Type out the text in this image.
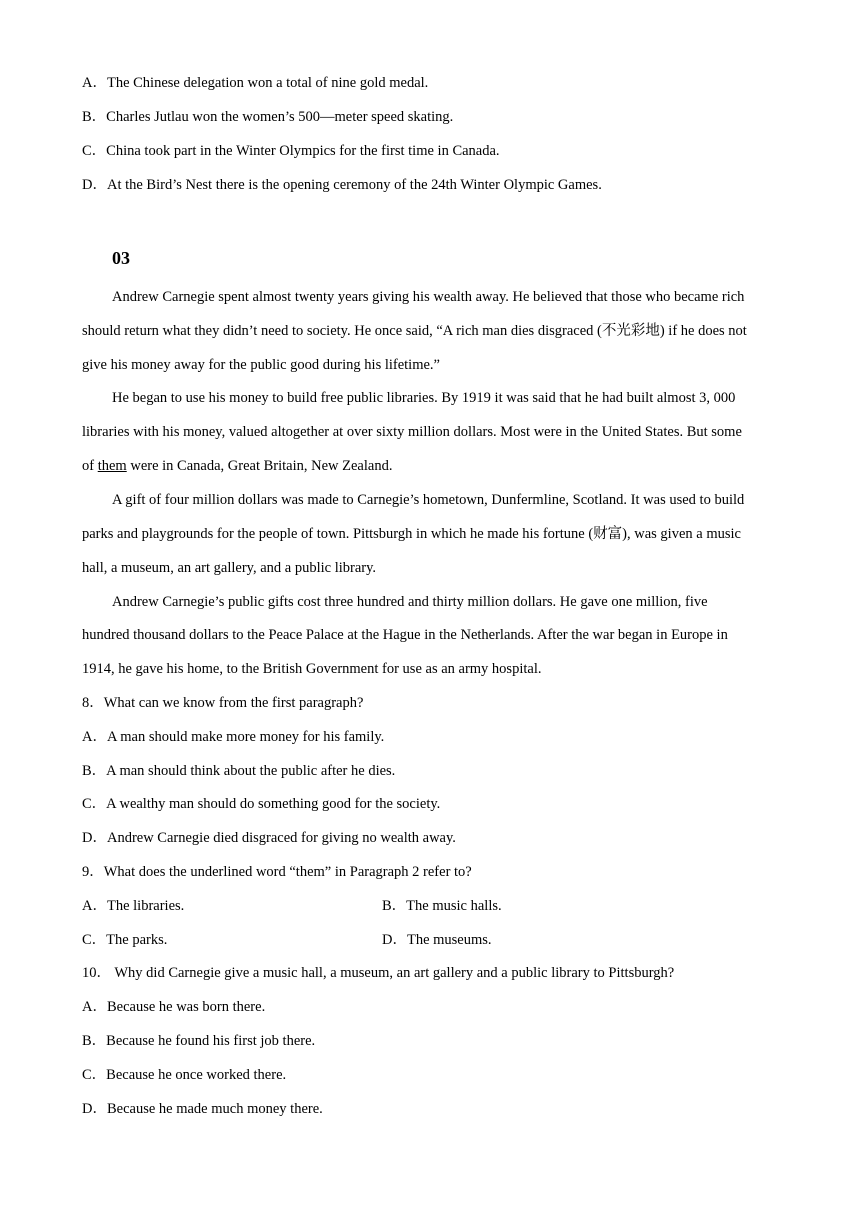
A．The Chinese delegation won a total of nine gold medal.
B．Charles Jutlau won the women’s 500—meter speed skating.
C．China took part in the Winter Olympics for the first time in Canada.
D．At the Bird’s Nest there is the opening ceremony of the 24th Winter Olympic Games.
03
Andrew Carnegie spent almost twenty years giving his wealth away. He believed that those who became rich
should return what they didn’t need to society. He once said, “A rich man dies disgraced (不光彩地) if he does not
give his money away for the public good during his lifetime.”
He began to use his money to build free public libraries. By 1919 it was said that he had built almost 3, 000
libraries with his money, valued altogether at over sixty million dollars. Most were in the United States. But some
of them were in Canada, Great Britain, New Zealand.
A gift of four million dollars was made to Carnegie’s hometown, Dunfermline, Scotland. It was used to build
parks and playgrounds for the people of town. Pittsburgh in which he made his fortune (财富), was given a music
hall, a museum, an art gallery, and a public library.
Andrew Carnegie’s public gifts cost three hundred and thirty million dollars. He gave one million, five
hundred thousand dollars to the Peace Palace at the Hague in the Netherlands. After the war began in Europe in
1914, he gave his home, to the British Government for use as an army hospital.
8．What can we know from the first paragraph?
A．A man should make more money for his family.
B．A man should think about the public after he dies.
C．A wealthy man should do something good for the society.
D．Andrew Carnegie died disgraced for giving no wealth away.
9．What does the underlined word “them” in Paragraph 2 refer to?
A．The libraries.	B．The music halls.
C．The parks.	D．The museums.
10． Why did Carnegie give a music hall, a museum, an art gallery and a public library to Pittsburgh?
A．Because he was born there.
B．Because he found his first job there.
C．Because he once worked there.
D．Because he made much money there.
